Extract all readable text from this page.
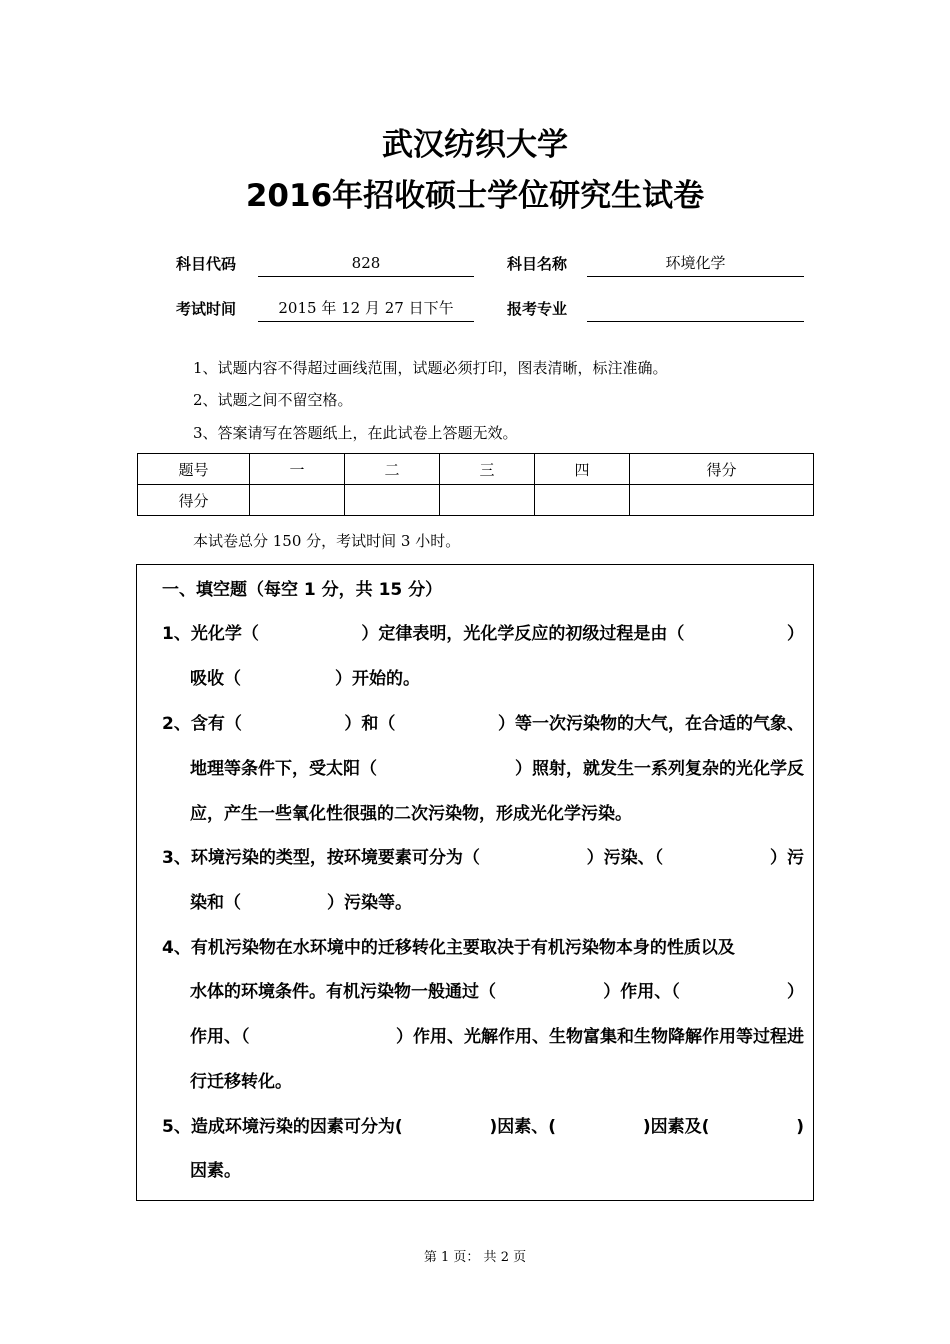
武汉纺织大学
2016年招收硕士学位研究生试卷
科目代码	828	科目名称	环境化学
考试时间	2015 年 12 月 27 日下午	报考专业
1、试题内容不得超过画线范围，试题必须打印，图表清晰，标注准确。
2、试题之间不留空格。
3、答案请写在答题纸上，在此试卷上答题无效。
题号	一	二	三	四	得分
得分					
本试卷总分 150 分，考试时间 3 小时。
一、填空题（每空 1 分，共 15 分）
1、光化学（	）定律表明，光化学反应的初级过程是由（	）
吸收（	）开始的。
2、含有（	）和（	）等一次污染物的大气，在合适的气象、
地理等条件下，受太阳（	）照射，就发生一系列复杂的光化学反
应，产生一些氧化性很强的二次污染物，形成光化学污染。
3、环境污染的类型，按环境要素可分为（	）污染、（	）污
染和（	）污染等。
4、有机污染物在水环境中的迁移转化主要取决于有机污染物本身的性质以及
水体的环境条件。有机污染物一般通过（	）作用、（	）
作用、（	）作用、光解作用、生物富集和生物降解作用等过程进
行迁移转化。
5、造成环境污染的因素可分为(	)因素、(	)因素及(	)
因素。
第 1 页： 共 2 页
